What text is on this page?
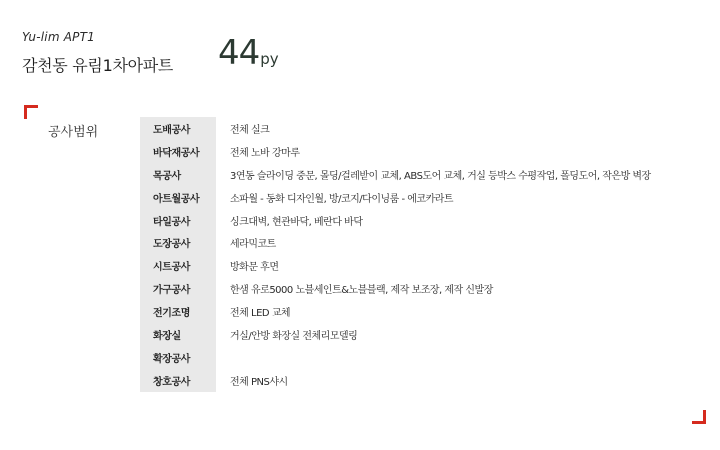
Yu-lim APT1
감천동 유림1차아파트 44 py
공사범위	도배공사	전체 실크
바닥재공사	전체 노바 강마루
목공사	3연동 슬라이딩 중문, 몰딩/걸레받이 교체, ABS도어 교체, 거실 등박스 수평작업, 폴딩도어, 작은방 벽장
아트월공사	소파월 - 동화 디자인월, 방/코지/다이닝룸 - 에코카라트
타일공사	싱크대벽, 현관바닥, 베란다 바닥
도장공사	세라믹코트
시트공사	방화문 후면
가구공사	한샘 유로5000 노블세인트&노블블랙, 제작 보조장, 제작 신발장
전기조명	전체 LED 교체
화장실	거실/안방 화장실 전체리모델링
확장공사
창호공사	전체 PNS샤시
